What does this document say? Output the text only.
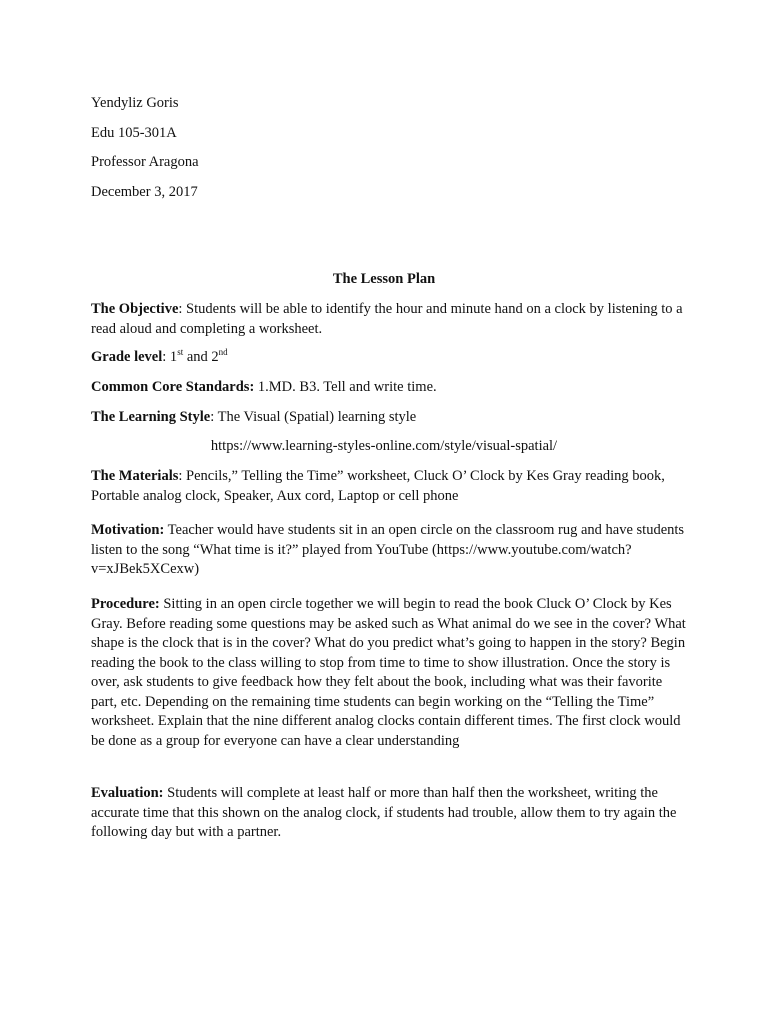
Yendyliz Goris
Edu 105-301A
Professor Aragona
December 3, 2017
The Lesson Plan
The Objective: Students will be able to identify the hour and minute hand on a clock by listening to a read aloud and completing a worksheet.
Grade level: 1st and 2nd
Common Core Standards: 1.MD. B3. Tell and write time.
The Learning Style: The Visual (Spatial) learning style
https://www.learning-styles-online.com/style/visual-spatial/
The Materials: Pencils,” Telling the Time” worksheet, Cluck O’ Clock by Kes Gray reading book, Portable analog clock, Speaker, Aux cord, Laptop or cell phone
Motivation: Teacher would have students sit in an open circle on the classroom rug and have students listen to the song “What time is it?” played from YouTube (https://www.youtube.com/watch?v=xJBek5XCexw)
Procedure: Sitting in an open circle together we will begin to read the book Cluck O’ Clock by Kes Gray. Before reading some questions may be asked such as What animal do we see in the cover? What shape is the clock that is in the cover? What do you predict what’s going to happen in the story? Begin reading the book to the class willing to stop from time to time to show illustration. Once the story is over, ask students to give feedback how they felt about the book, including what was their favorite part, etc. Depending on the remaining time students can begin working on the “Telling the Time” worksheet. Explain that the nine different analog clocks contain different times. The first clock would be done as a group for everyone can have a clear understanding
Evaluation: Students will complete at least half or more than half then the worksheet, writing the accurate time that this shown on the analog clock, if students had trouble, allow them to try again the following day but with a partner.
